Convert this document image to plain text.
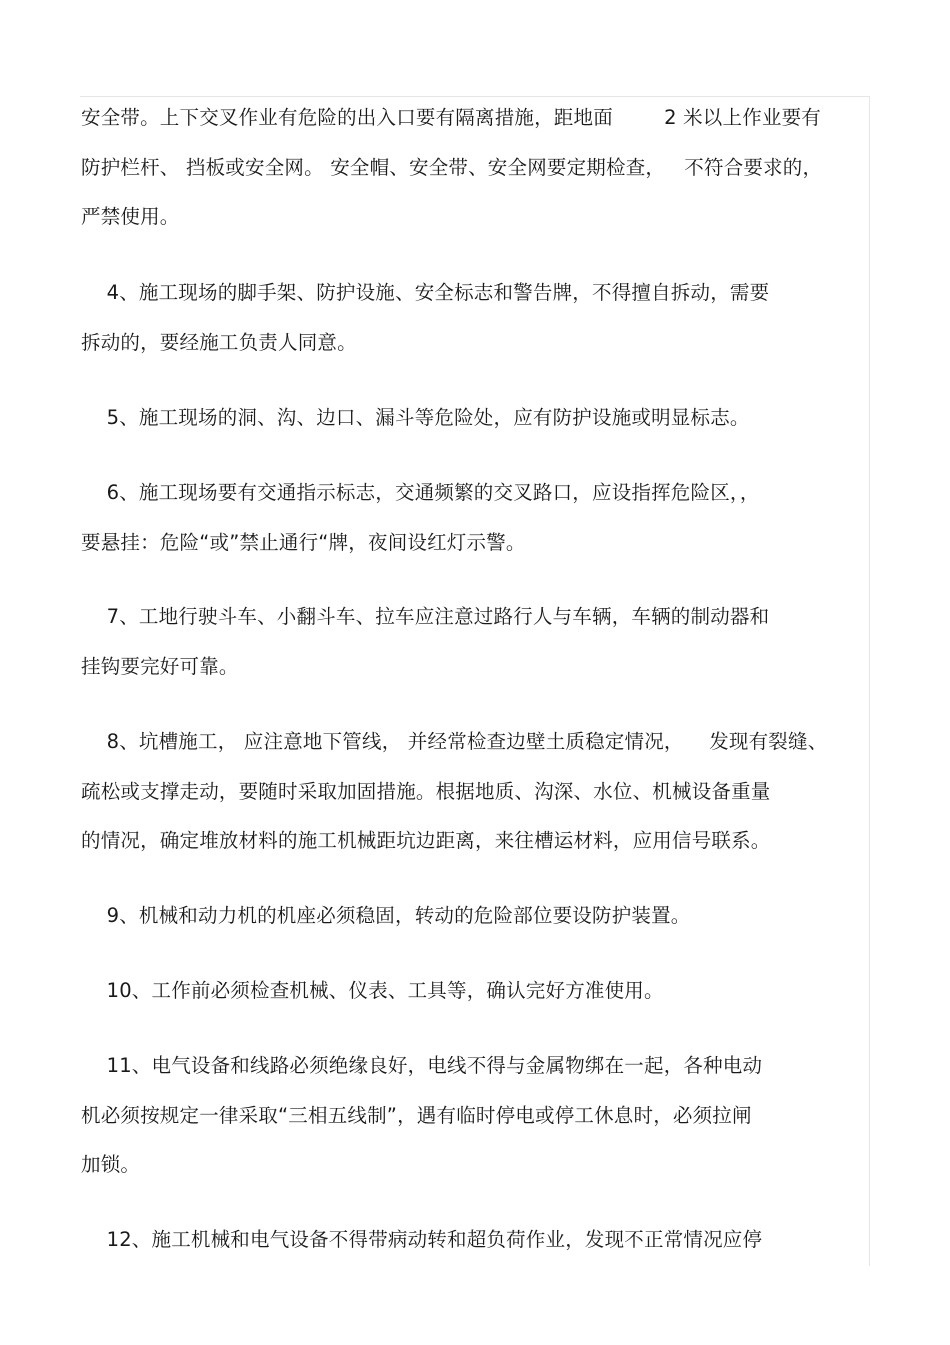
安全带。上下交叉作业有危险的出入口要有隔离措施，距地面        2 米以上作业要有
防护栏杆、 挡板或安全网。 安全帽、安全带、安全网要定期检查，   不符合要求的，
严禁使用。
4、施工现场的脚手架、防护设施、安全标志和警告牌，不得擅自拆动，需要
拆动的，要经施工负责人同意。
5、施工现场的洞、沟、边口、漏斗等危险处，应有防护设施或明显标志。
6、施工现场要有交通指示标志，交通频繁的交叉路口，应设指挥危险区，，
要悬挂：危险“或”禁止通行“牌，夜间设红灯示警。
7、工地行驶斗车、小翻斗车、拉车应注意过路行人与车辆，车辆的制动器和
挂钩要完好可靠。
8、坑槽施工， 应注意地下管线， 并经常检查边壁土质稳定情况，    发现有裂缝、
疏松或支撑走动，要随时采取加固措施。根据地质、沟深、水位、机械设备重量
的情况，确定堆放材料的施工机械距坑边距离，来往槽运材料，应用信号联系。
9、机械和动力机的机座必须稳固，转动的危险部位要设防护装置。
10、工作前必须检查机械、仪表、工具等，确认完好方准使用。
11、电气设备和线路必须绝缘良好，电线不得与金属物绑在一起，各种电动
机必须按规定一律采取“三相五线制”，遇有临时停电或停工休息时，必须拉闸
加锁。
12、施工机械和电气设备不得带病动转和超负荷作业，发现不正常情况应停
